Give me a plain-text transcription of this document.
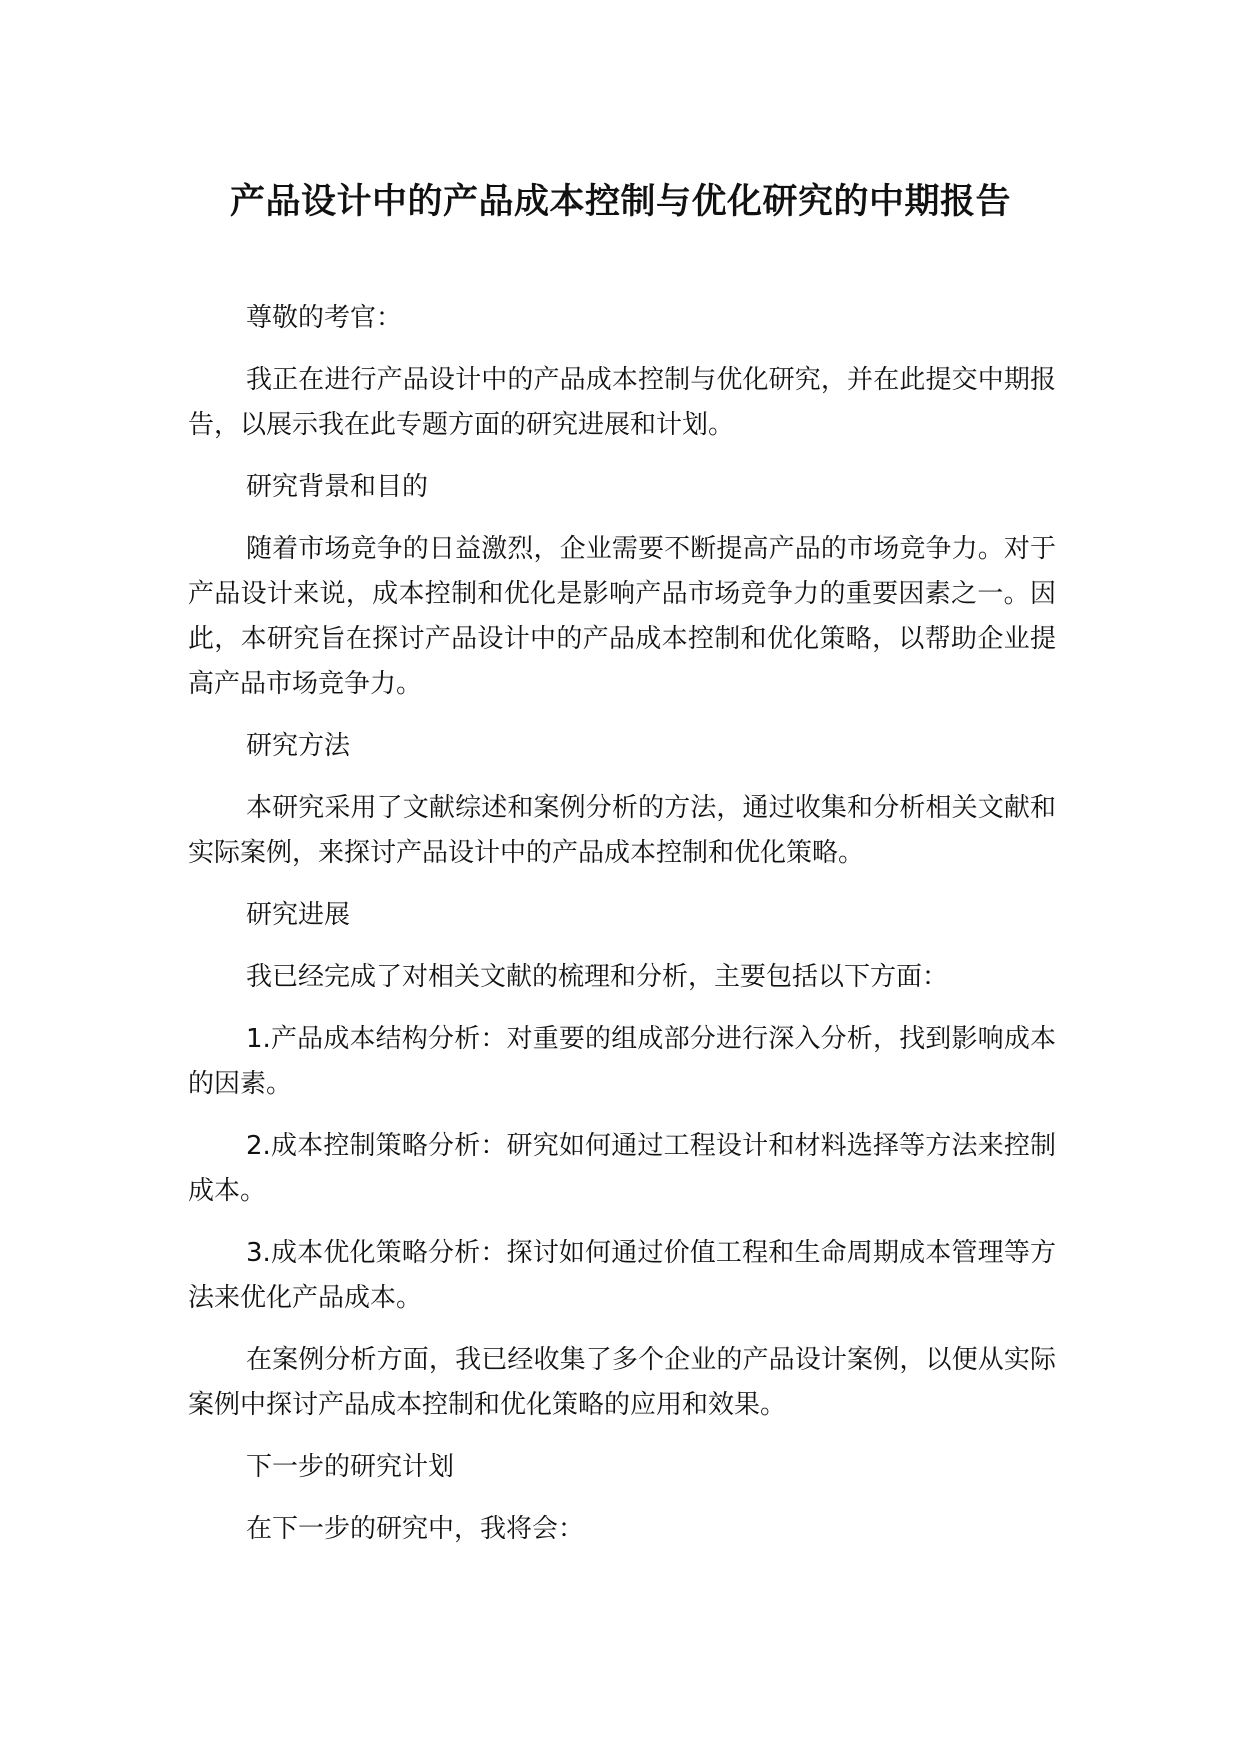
产品设计中的产品成本控制与优化研究的中期报告

尊敬的考官：

我正在进行产品设计中的产品成本控制与优化研究，并在此提交中期报告，以展示我在此专题方面的研究进展和计划。

研究背景和目的

随着市场竞争的日益激烈，企业需要不断提高产品的市场竞争力。对于产品设计来说，成本控制和优化是影响产品市场竞争力的重要因素之一。因此，本研究旨在探讨产品设计中的产品成本控制和优化策略，以帮助企业提高产品市场竞争力。

研究方法

本研究采用了文献综述和案例分析的方法，通过收集和分析相关文献和实际案例，来探讨产品设计中的产品成本控制和优化策略。

研究进展

我已经完成了对相关文献的梳理和分析，主要包括以下方面：

1.产品成本结构分析：对重要的组成部分进行深入分析，找到影响成本的因素。

2.成本控制策略分析：研究如何通过工程设计和材料选择等方法来控制成本。

3.成本优化策略分析：探讨如何通过价值工程和生命周期成本管理等方法来优化产品成本。

在案例分析方面，我已经收集了多个企业的产品设计案例，以便从实际案例中探讨产品成本控制和优化策略的应用和效果。

下一步的研究计划

在下一步的研究中，我将会：
